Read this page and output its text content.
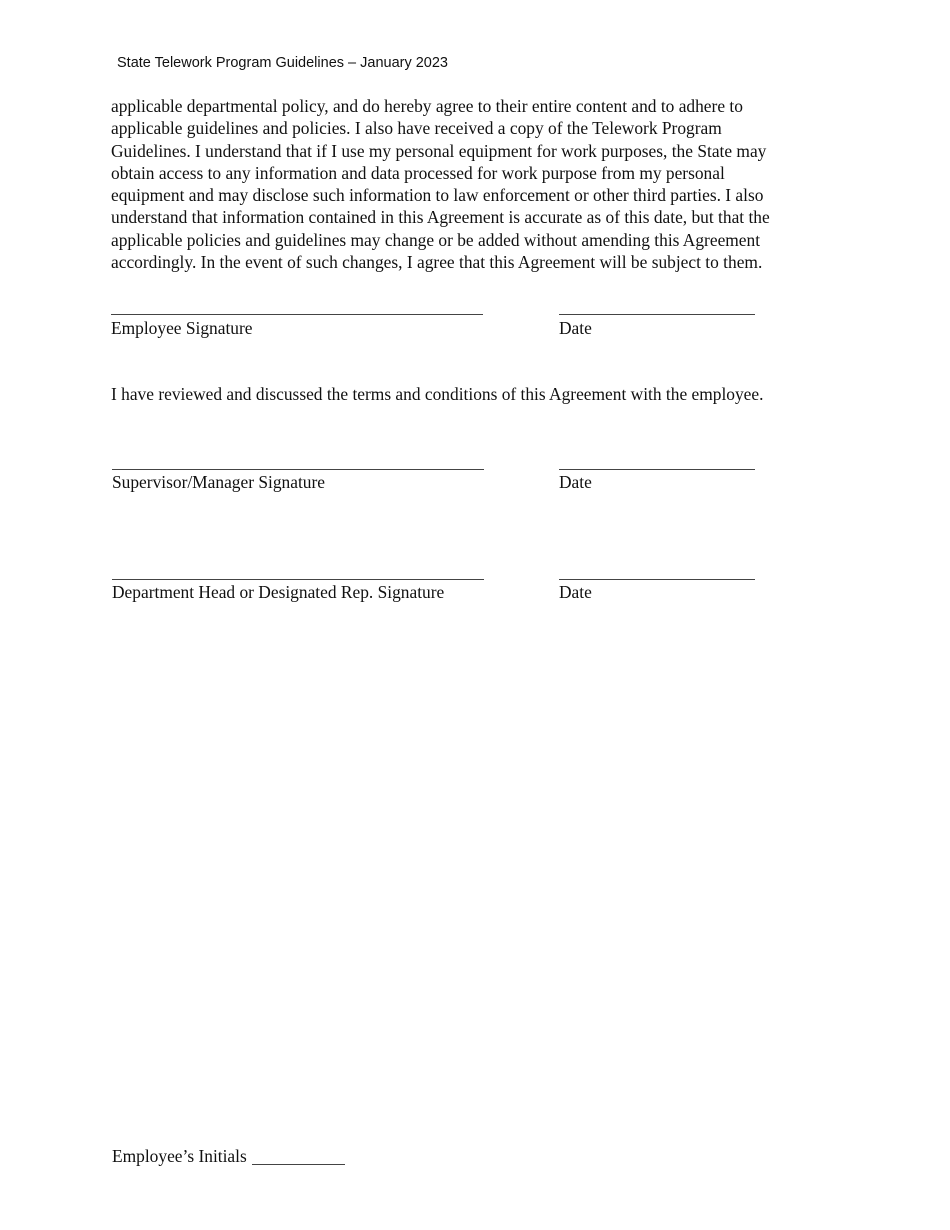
State Telework Program Guidelines – January 2023
applicable departmental policy, and do hereby agree to their entire content and to adhere to
applicable guidelines and policies. I also have received a copy of the Telework Program
Guidelines. I understand that if I use my personal equipment for work purposes, the State may
obtain access to any information and data processed for work purpose from my personal
equipment and may disclose such information to law enforcement or other third parties. I also
understand that information contained in this Agreement is accurate as of this date, but that the
applicable policies and guidelines may change or be added without amending this Agreement
accordingly. In the event of such changes, I agree that this Agreement will be subject to them.
Employee Signature	Date
I have reviewed and discussed the terms and conditions of this Agreement with the employee.
Supervisor/Manager Signature	Date
Department Head or Designated Rep. Signature	Date
Employee’s Initials
